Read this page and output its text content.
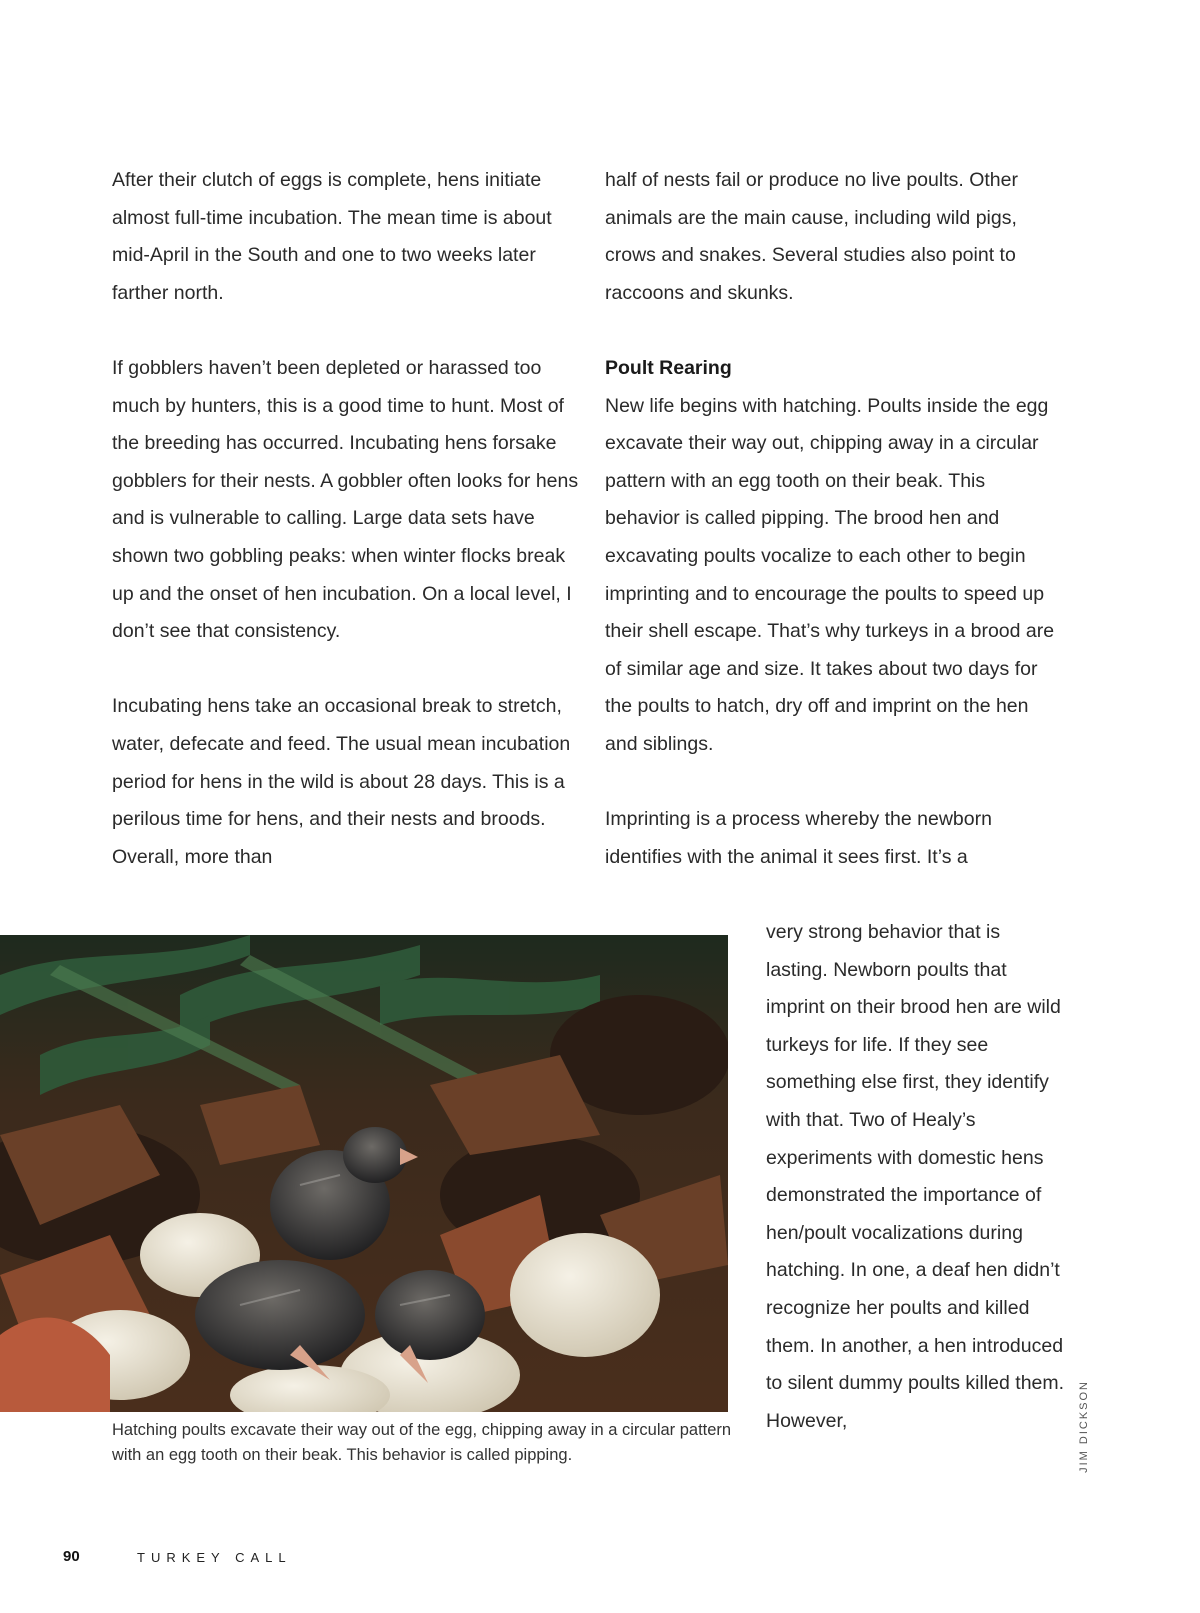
After their clutch of eggs is complete, hens initiate almost full-time incubation. The mean time is about mid-April in the South and one to two weeks later farther north.

If gobblers haven’t been depleted or harassed too much by hunters, this is a good time to hunt. Most of the breeding has occurred. Incubating hens forsake gobblers for their nests. A gobbler often looks for hens and is vulnerable to calling. Large data sets have shown two gobbling peaks: when winter flocks break up and the onset of hen incubation. On a local level, I don’t see that consistency.

Incubating hens take an occasional break to stretch, water, defecate and feed. The usual mean incubation period for hens in the wild is about 28 days. This is a perilous time for hens, and their nests and broods. Overall, more than

half of nests fail or produce no live poults. Other animals are the main cause, including wild pigs, crows and snakes. Several studies also point to raccoons and skunks.

Poult Rearing

New life begins with hatching. Poults inside the egg excavate their way out, chipping away in a circular pattern with an egg tooth on their beak. This behavior is called pipping. The brood hen and excavating poults vocalize to each other to begin imprinting and to encourage the poults to speed up their shell escape. That’s why turkeys in a brood are of similar age and size. It takes about two days for the poults to hatch, dry off and imprint on the hen and siblings.

Imprinting is a process whereby the newborn identifies with the animal it sees first. It’s a

very strong behavior that is lasting. Newborn poults that imprint on their brood hen are wild turkeys for life. If they see something else first, they identify with that. Two of Healy’s experiments with domestic hens demonstrated the importance of hen/poult vocalizations during hatching. In one, a deaf hen didn’t recognize her poults and killed them. In another, a hen introduced to silent dummy poults killed them. However,

Hatching poults excavate their way out of the egg, chipping away in a circular pattern with an egg tooth on their beak. This behavior is called pipping.	JIM DICKSON
90	TURKEY CALL
